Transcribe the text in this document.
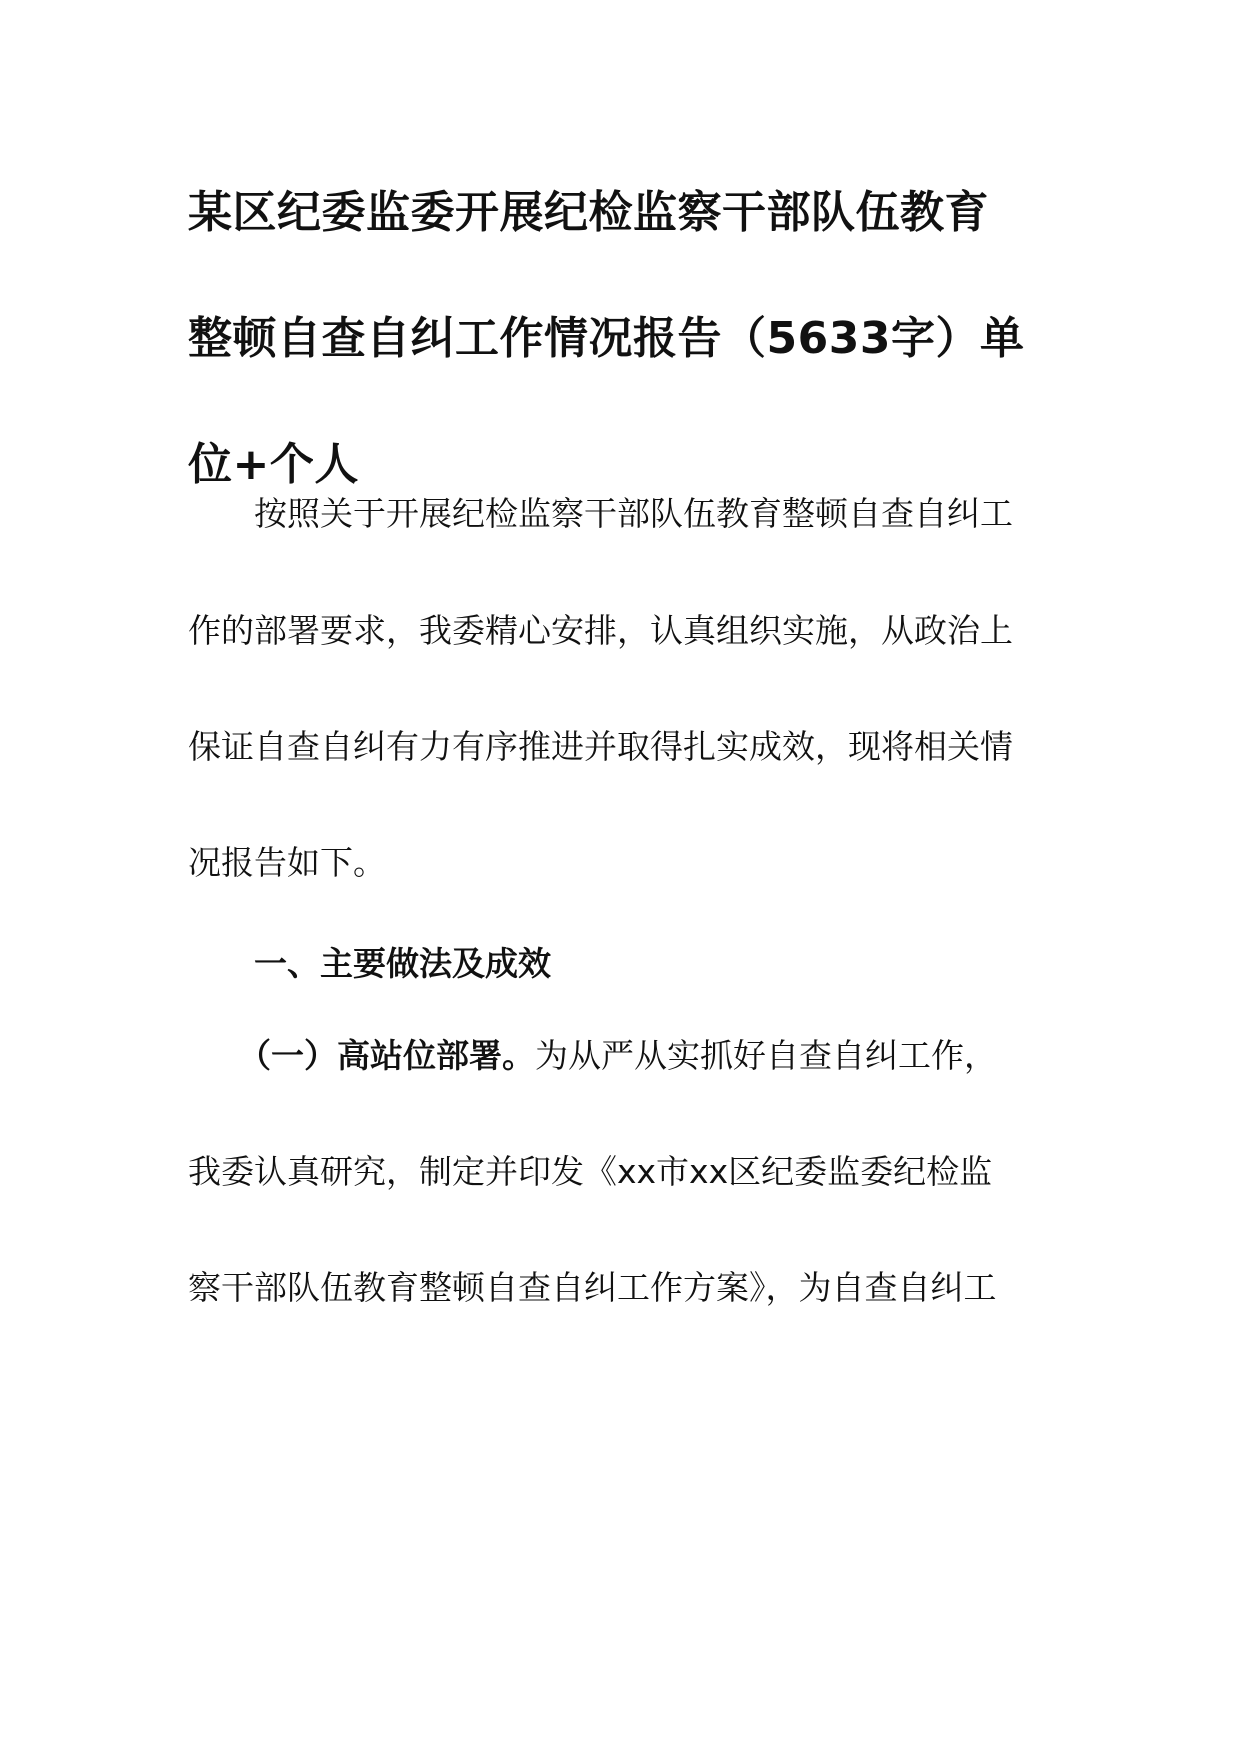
某区纪委监委开展纪检监察干部队伍教育
整顿自查自纠工作情况报告（5633字）单
位+个人
按照关于开展纪检监察干部队伍教育整顿自查自纠工
作的部署要求，我委精心安排，认真组织实施，从政治上
保证自查自纠有力有序推进并取得扎实成效，现将相关情
况报告如下。
一、主要做法及成效
（一）高站位部署。为从严从实抓好自查自纠工作，
我委认真研究，制定并印发《xx市xx区纪委监委纪检监
察干部队伍教育整顿自查自纠工作方案》，为自查自纠工
